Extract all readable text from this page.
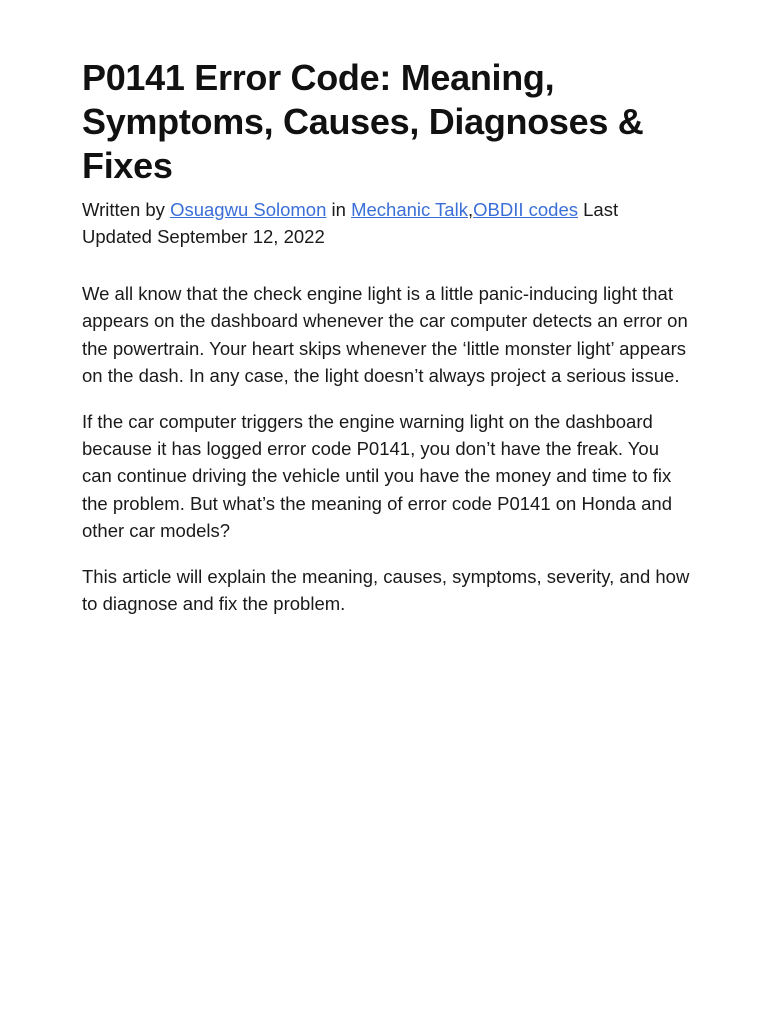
P0141 Error Code: Meaning, Symptoms, Causes, Diagnoses & Fixes
Written by Osuagwu Solomon in Mechanic Talk,OBDII codes Last Updated September 12, 2022

We all know that the check engine light is a little panic-inducing light that appears on the dashboard whenever the car computer detects an error on the powertrain. Your heart skips whenever the ‘little monster light’ appears on the dash. In any case, the light doesn’t always project a serious issue.

If the car computer triggers the engine warning light on the dashboard because it has logged error code P0141, you don’t have the freak. You can continue driving the vehicle until you have the money and time to fix the problem. But what’s the meaning of error code P0141 on Honda and other car models?

This article will explain the meaning, causes, symptoms, severity, and how to diagnose and fix the problem.
